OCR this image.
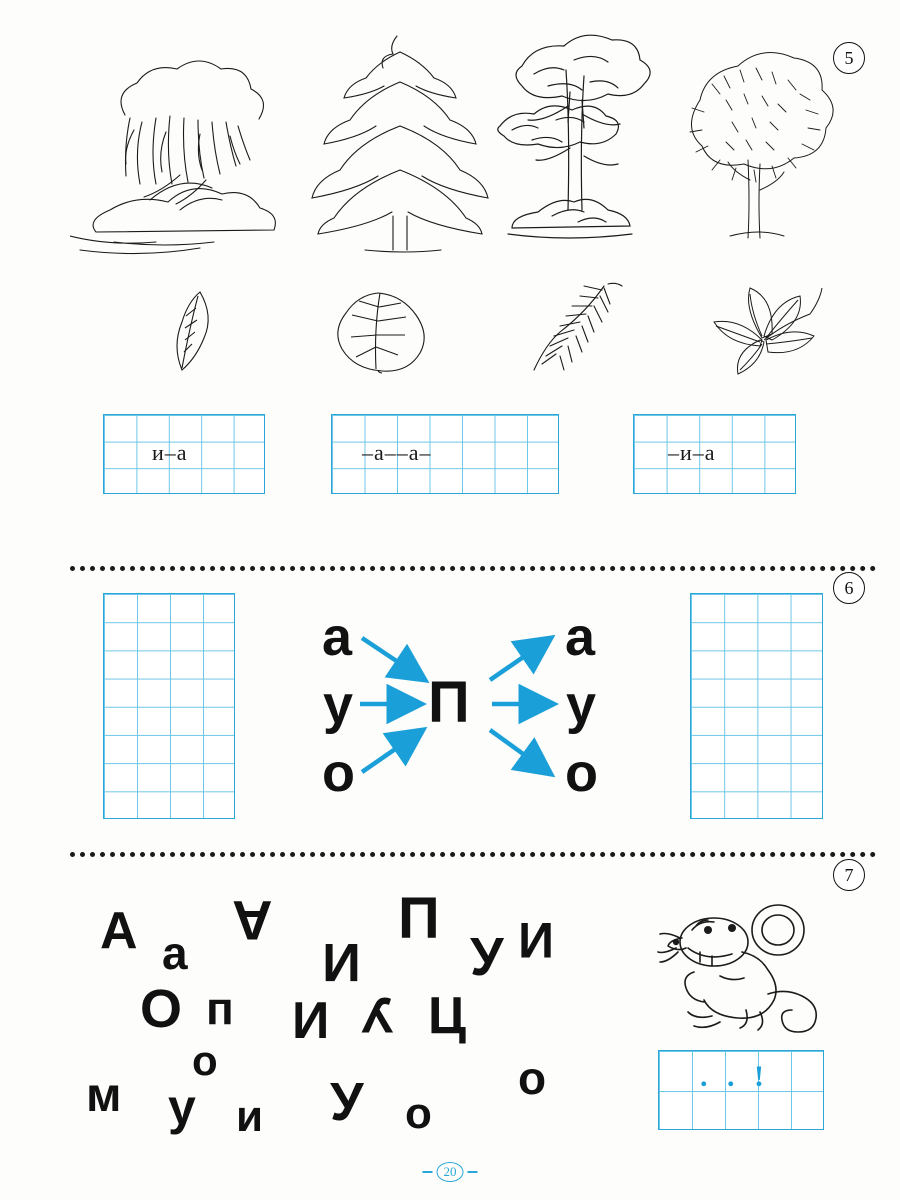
5
и–а	–а––а–	–и–а
6
а
у
о
П
а
у
о
7
А а
А П
И У И
О п И У Ц
о	о
м у и У о
. . !
20
